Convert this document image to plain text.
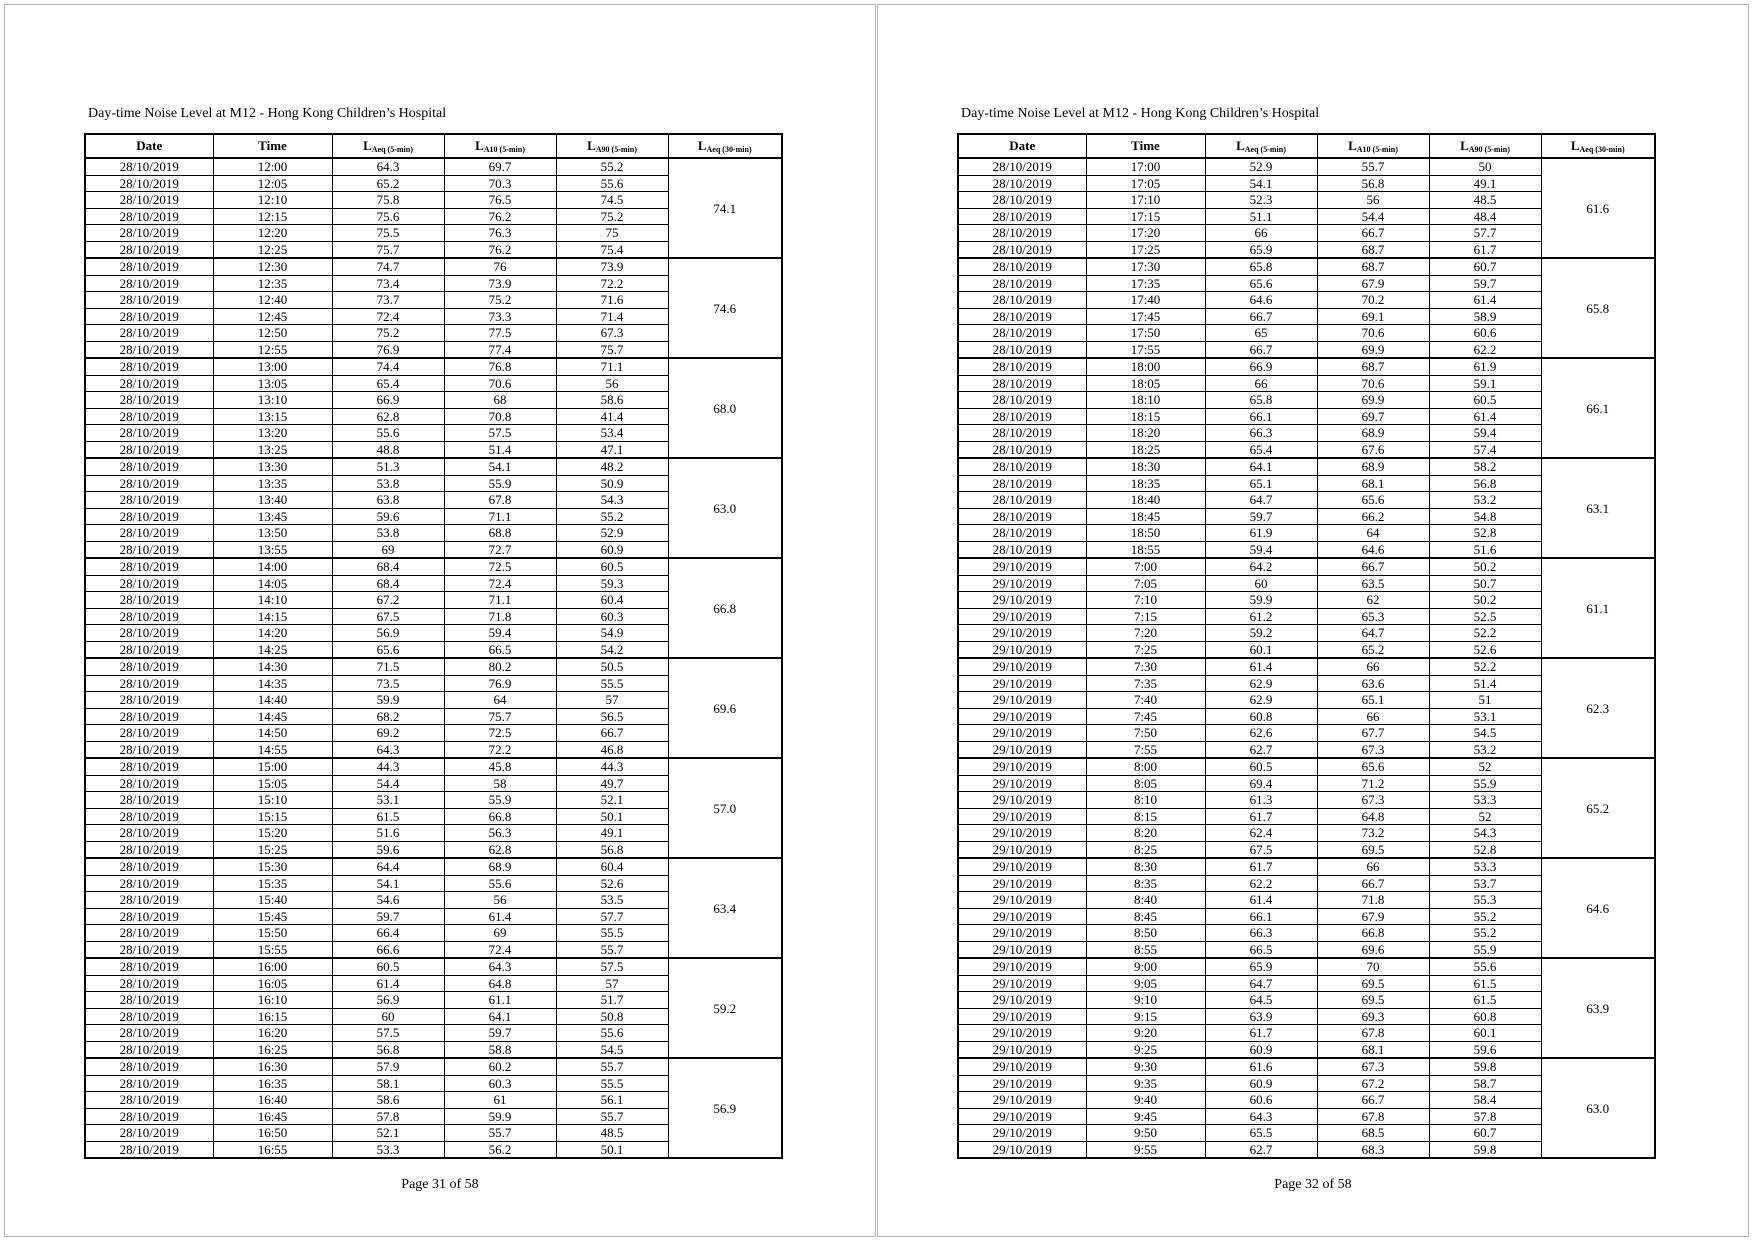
Day-time Noise Level at M12 - Hong Kong Children’s Hospital
Date	Time	$L_{Aeq (5-min)}$	$L_{A10 (5-min)}$	$L_{A90 (5-min)}$	$L_{Aeq (30-min)}$
28/10/2019	12:00	64.3	69.7	55.2	74.1
28/10/2019	12:05	65.2	70.3	55.6	
28/10/2019	12:10	75.8	76.5	74.5	
28/10/2019	12:15	75.6	76.2	75.2	
28/10/2019	12:20	75.5	76.3	75	
28/10/2019	12:25	75.7	76.2	75.4	
28/10/2019	12:30	74.7	76	73.9	74.6
28/10/2019	12:35	73.4	73.9	72.2	
28/10/2019	12:40	73.7	75.2	71.6	
28/10/2019	12:45	72.4	73.3	71.4	
28/10/2019	12:50	75.2	77.5	67.3	
28/10/2019	12:55	76.9	77.4	75.7	
28/10/2019	13:00	74.4	76.8	71.1	68.0
28/10/2019	13:05	65.4	70.6	56	
28/10/2019	13:10	66.9	68	58.6	
28/10/2019	13:15	62.8	70.8	41.4	
28/10/2019	13:20	55.6	57.5	53.4	
28/10/2019	13:25	48.8	51.4	47.1	
28/10/2019	13:30	51.3	54.1	48.2	63.0
28/10/2019	13:35	53.8	55.9	50.9	
28/10/2019	13:40	63.8	67.8	54.3	
28/10/2019	13:45	59.6	71.1	55.2	
28/10/2019	13:50	53.8	68.8	52.9	
28/10/2019	13:55	69	72.7	60.9	
28/10/2019	14:00	68.4	72.5	60.5	66.8
28/10/2019	14:05	68.4	72.4	59.3	
28/10/2019	14:10	67.2	71.1	60.4	
28/10/2019	14:15	67.5	71.8	60.3	
28/10/2019	14:20	56.9	59.4	54.9	
28/10/2019	14:25	65.6	66.5	54.2	
28/10/2019	14:30	71.5	80.2	50.5	69.6
28/10/2019	14:35	73.5	76.9	55.5	
28/10/2019	14:40	59.9	64	57	
28/10/2019	14:45	68.2	75.7	56.5	
28/10/2019	14:50	69.2	72.5	66.7	
28/10/2019	14:55	64.3	72.2	46.8	
28/10/2019	15:00	44.3	45.8	44.3	57.0
28/10/2019	15:05	54.4	58	49.7	
28/10/2019	15:10	53.1	55.9	52.1	
28/10/2019	15:15	61.5	66.8	50.1	
28/10/2019	15:20	51.6	56.3	49.1	
28/10/2019	15:25	59.6	62.8	56.8	
28/10/2019	15:30	64.4	68.9	60.4	63.4
28/10/2019	15:35	54.1	55.6	52.6	
28/10/2019	15:40	54.6	56	53.5	
28/10/2019	15:45	59.7	61.4	57.7	
28/10/2019	15:50	66.4	69	55.5	
28/10/2019	15:55	66.6	72.4	55.7	
28/10/2019	16:00	60.5	64.3	57.5	59.2
28/10/2019	16:05	61.4	64.8	57	
28/10/2019	16:10	56.9	61.1	51.7	
28/10/2019	16:15	60	64.1	50.8	
28/10/2019	16:20	57.5	59.7	55.6	
28/10/2019	16:25	56.8	58.8	54.5	
28/10/2019	16:30	57.9	60.2	55.7	56.9
28/10/2019	16:35	58.1	60.3	55.5	
28/10/2019	16:40	58.6	61	56.1	
28/10/2019	16:45	57.8	59.9	55.7	
28/10/2019	16:50	52.1	55.7	48.5	
28/10/2019	16:55	53.3	56.2	50.1	
Page 31 of 58
Day-time Noise Level at M12 - Hong Kong Children’s Hospital
Date	Time	$L_{Aeq (5-min)}$	$L_{A10 (5-min)}$	$L_{A90 (5-min)}$	$L_{Aeq (30-min)}$
28/10/2019	17:00	52.9	55.7	50	61.6
28/10/2019	17:05	54.1	56.8	49.1	
28/10/2019	17:10	52.3	56	48.5	
28/10/2019	17:15	51.1	54.4	48.4	
28/10/2019	17:20	66	66.7	57.7	
28/10/2019	17:25	65.9	68.7	61.7	
28/10/2019	17:30	65.8	68.7	60.7	65.8
28/10/2019	17:35	65.6	67.9	59.7	
28/10/2019	17:40	64.6	70.2	61.4	
28/10/2019	17:45	66.7	69.1	58.9	
28/10/2019	17:50	65	70.6	60.6	
28/10/2019	17:55	66.7	69.9	62.2	
28/10/2019	18:00	66.9	68.7	61.9	66.1
28/10/2019	18:05	66	70.6	59.1	
28/10/2019	18:10	65.8	69.9	60.5	
28/10/2019	18:15	66.1	69.7	61.4	
28/10/2019	18:20	66.3	68.9	59.4	
28/10/2019	18:25	65.4	67.6	57.4	
28/10/2019	18:30	64.1	68.9	58.2	63.1
28/10/2019	18:35	65.1	68.1	56.8	
28/10/2019	18:40	64.7	65.6	53.2	
28/10/2019	18:45	59.7	66.2	54.8	
28/10/2019	18:50	61.9	64	52.8	
28/10/2019	18:55	59.4	64.6	51.6	
29/10/2019	7:00	64.2	66.7	50.2	61.1
29/10/2019	7:05	60	63.5	50.7	
29/10/2019	7:10	59.9	62	50.2	
29/10/2019	7:15	61.2	65.3	52.5	
29/10/2019	7:20	59.2	64.7	52.2	
29/10/2019	7:25	60.1	65.2	52.6	
29/10/2019	7:30	61.4	66	52.2	62.3
29/10/2019	7:35	62.9	63.6	51.4	
29/10/2019	7:40	62.9	65.1	51	
29/10/2019	7:45	60.8	66	53.1	
29/10/2019	7:50	62.6	67.7	54.5	
29/10/2019	7:55	62.7	67.3	53.2	
29/10/2019	8:00	60.5	65.6	52	65.2
29/10/2019	8:05	69.4	71.2	55.9	
29/10/2019	8:10	61.3	67.3	53.3	
29/10/2019	8:15	61.7	64.8	52	
29/10/2019	8:20	62.4	73.2	54.3	
29/10/2019	8:25	67.5	69.5	52.8	
29/10/2019	8:30	61.7	66	53.3	64.6
29/10/2019	8:35	62.2	66.7	53.7	
29/10/2019	8:40	61.4	71.8	55.3	
29/10/2019	8:45	66.1	67.9	55.2	
29/10/2019	8:50	66.3	66.8	55.2	
29/10/2019	8:55	66.5	69.6	55.9	
29/10/2019	9:00	65.9	70	55.6	63.9
29/10/2019	9:05	64.7	69.5	61.5	
29/10/2019	9:10	64.5	69.5	61.5	
29/10/2019	9:15	63.9	69.3	60.8	
29/10/2019	9:20	61.7	67.8	60.1	
29/10/2019	9:25	60.9	68.1	59.6	
29/10/2019	9:30	61.6	67.3	59.8	63.0
29/10/2019	9:35	60.9	67.2	58.7	
29/10/2019	9:40	60.6	66.7	58.4	
29/10/2019	9:45	64.3	67.8	57.8	
29/10/2019	9:50	65.5	68.5	60.7	
29/10/2019	9:55	62.7	68.3	59.8	
Page 32 of 58
